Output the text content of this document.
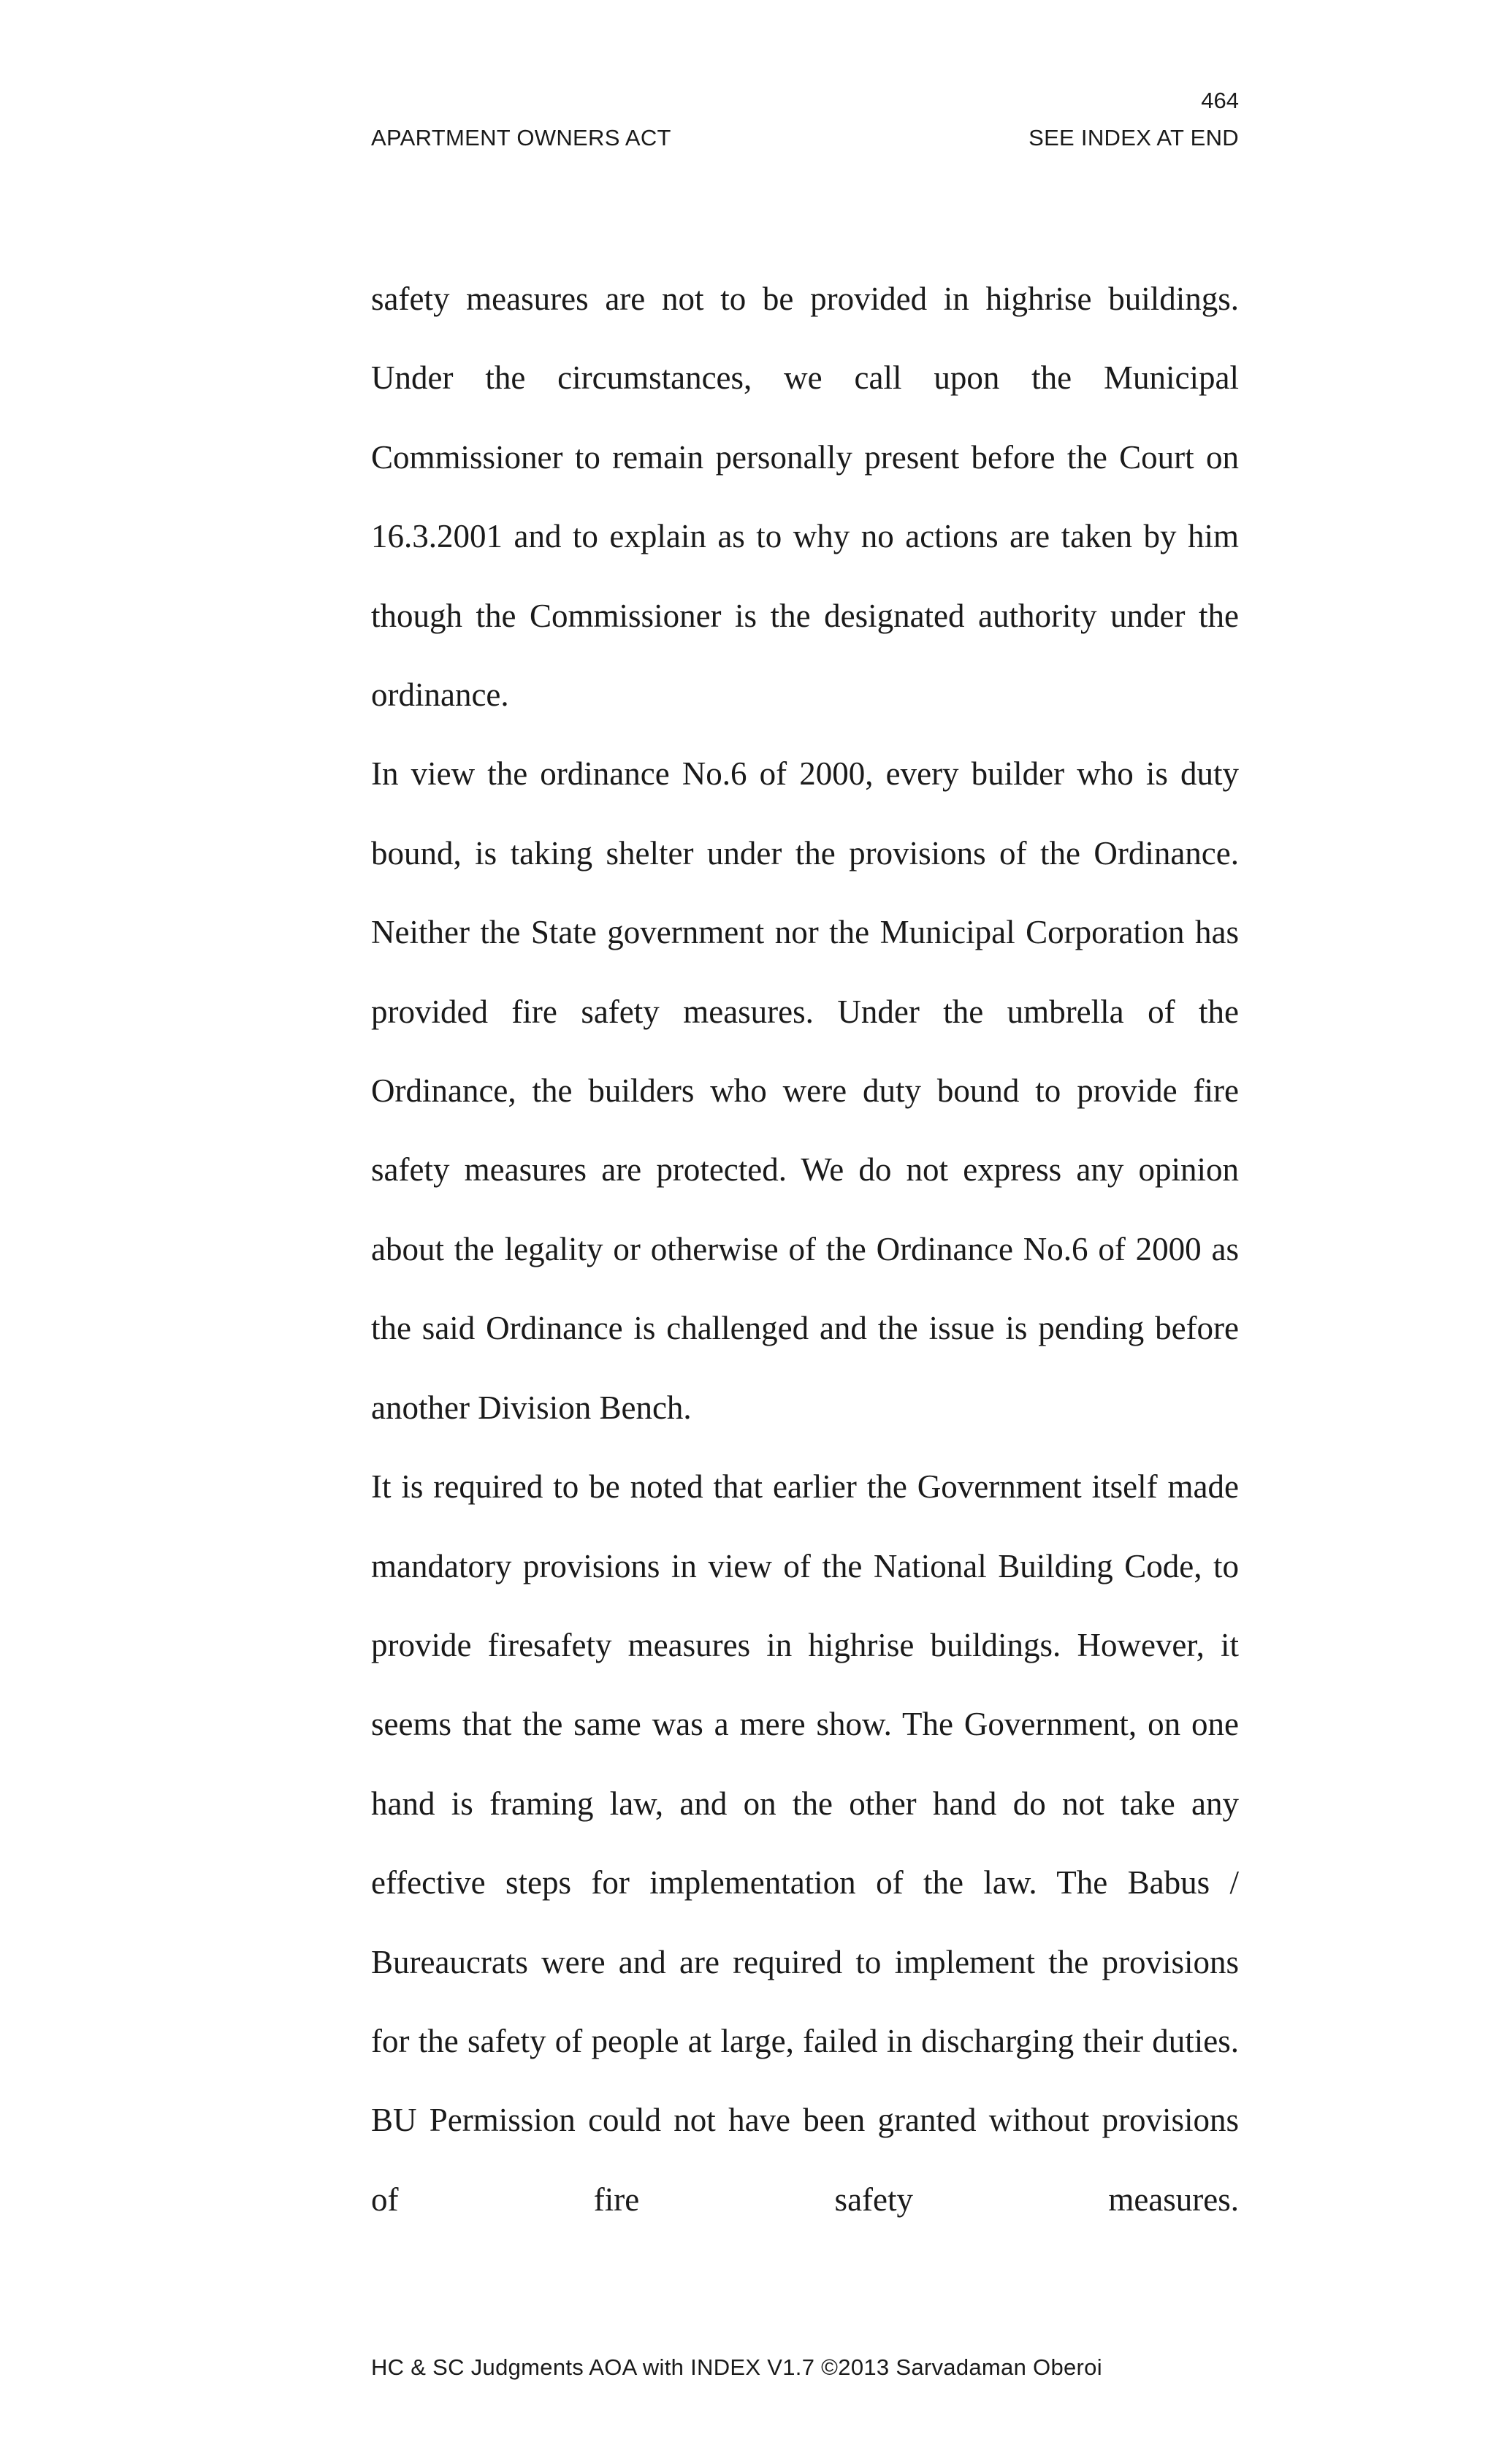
464
APARTMENT OWNERS ACT	SEE INDEX AT END

safety measures are not to be provided in highrise buildings. Under the circumstances, we call upon the Municipal Commissioner to remain personally present before the Court on 16.3.2001 and to explain as to why no actions are taken by him though the Commissioner is the designated authority under the ordinance.

In view the ordinance No.6 of 2000, every builder who is duty bound, is taking shelter under the provisions of the Ordinance. Neither the State government nor the Municipal Corporation has provided fire safety measures. Under the umbrella of the Ordinance, the builders who were duty bound to provide fire safety measures are protected. We do not express any opinion about the legality or otherwise of the Ordinance No.6 of 2000 as the said Ordinance is challenged and the issue is pending before another Division Bench.

It is required to be noted that earlier the Government itself made mandatory provisions in view of the National Building Code, to provide firesafety measures in highrise buildings. However, it seems that the same was a mere show. The Government, on one hand is framing law, and on the other hand do not take any effective steps for implementation of the law. The Babus / Bureaucrats were and are required to implement the provisions for the safety of people at large, failed in discharging their duties. BU Permission could not have been granted without provisions of fire safety measures.

HC & SC Judgments AOA with INDEX V1.7 ©2013 Sarvadaman Oberoi
